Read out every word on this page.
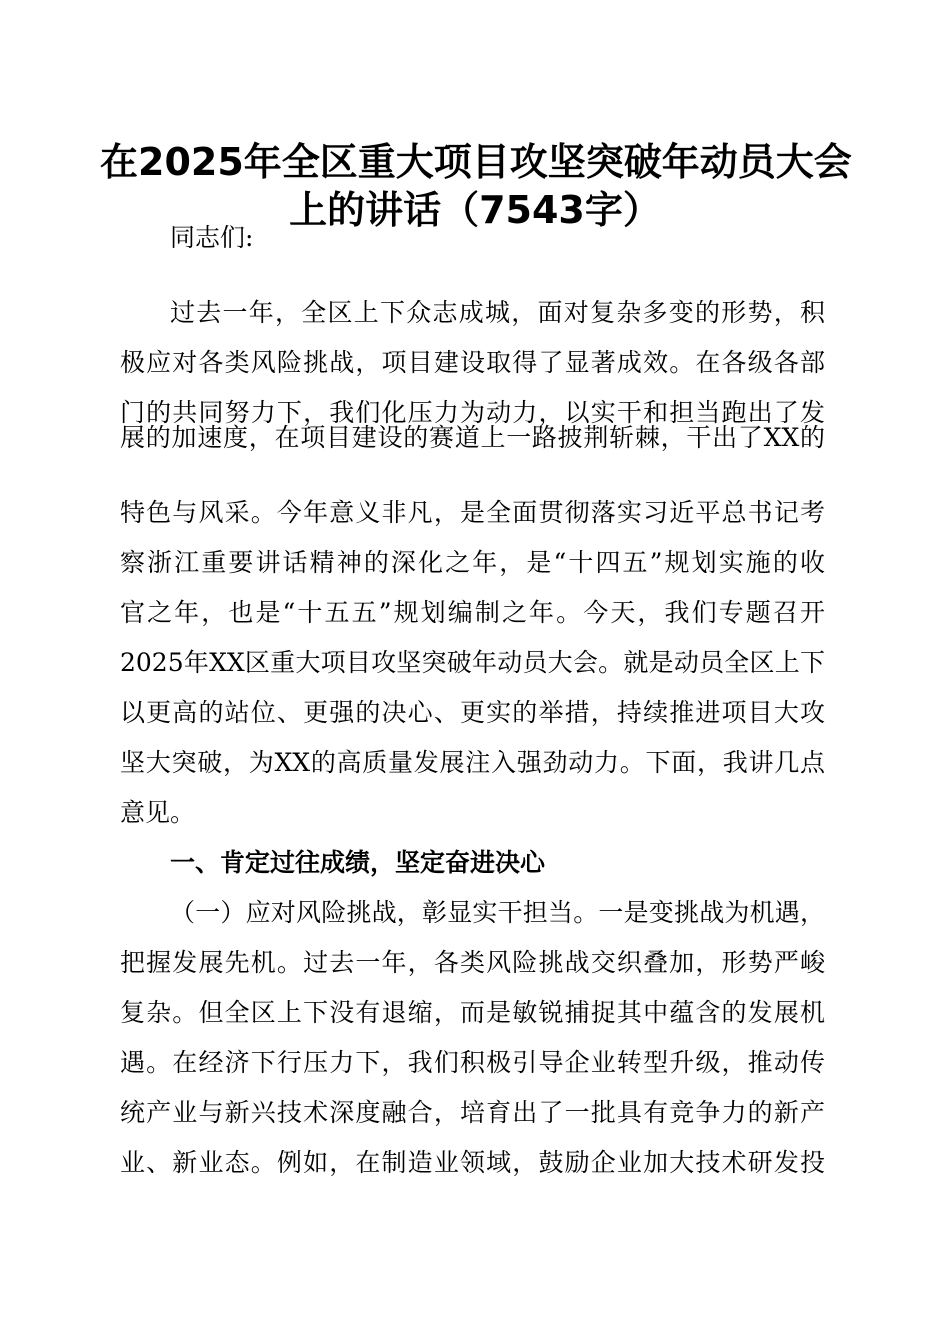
在2025年全区重大项目攻坚突破年动员大会
上的讲话（7543字）
同志们:
过去一年，全区上下众志成城，面对复杂多变的形势，积
极应对各类风险挑战，项目建设取得了显著成效。在各级各部
门的共同努力下，我们化压力为动力，以实干和担当跑出了发
展的加速度，在项目建设的赛道上一路披荆斩棘，干出了XX的
特色与风采。今年意义非凡，是全面贯彻落实习近平总书记考
察浙江重要讲话精神的深化之年，是“十四五”规划实施的收
官之年，也是“十五五”规划编制之年。今天，我们专题召开
2025年XX区重大项目攻坚突破年动员大会。就是动员全区上下
以更高的站位、更强的决心、更实的举措，持续推进项目大攻
坚大突破，为XX的高质量发展注入强劲动力。下面，我讲几点
意见。
一、肯定过往成绩，坚定奋进决心
（一）应对风险挑战，彰显实干担当。一是变挑战为机遇，
把握发展先机。过去一年，各类风险挑战交织叠加，形势严峻
复杂。但全区上下没有退缩，而是敏锐捕捉其中蕴含的发展机
遇。在经济下行压力下，我们积极引导企业转型升级，推动传
统产业与新兴技术深度融合，培育出了一批具有竞争力的新产
业、新业态。例如，在制造业领域，鼓励企业加大技术研发投
